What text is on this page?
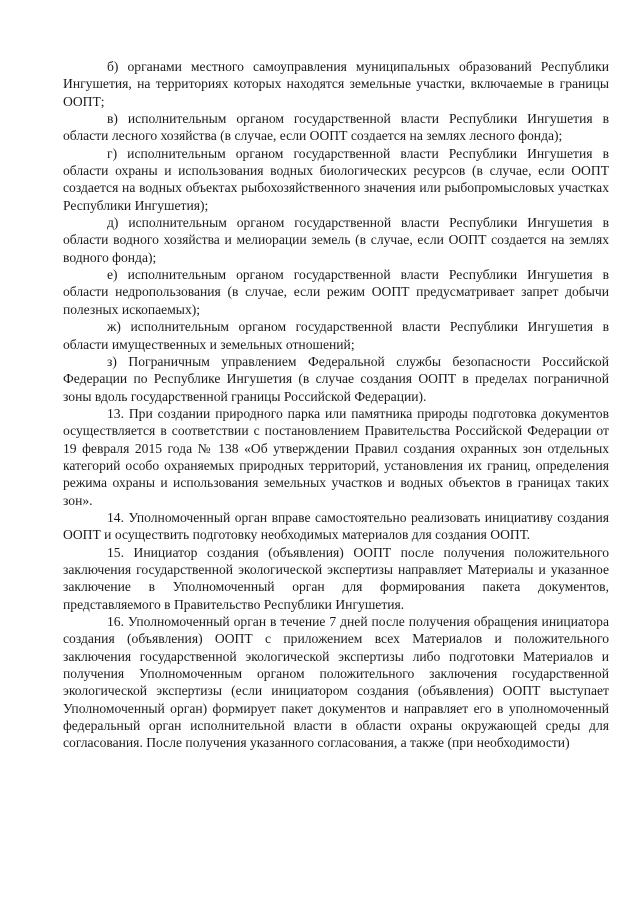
б) органами местного самоуправления муниципальных образований Республики Ингушетия, на территориях которых находятся земельные участки, включаемые в границы ООПТ;

в) исполнительным органом государственной власти Республики Ингушетия в области лесного хозяйства (в случае, если ООПТ создается на землях лесного фонда);

г) исполнительным органом государственной власти Республики Ингушетия в области охраны и использования водных биологических ресурсов (в случае, если ООПТ создается на водных объектах рыбохозяйственного значения или рыбопромысловых участках Республики Ингушетия);

д) исполнительным органом государственной власти Республики Ингушетия в области водного хозяйства и мелиорации земель (в случае, если ООПТ создается на землях водного фонда);

е) исполнительным органом государственной власти Республики Ингушетия в области недропользования (в случае, если режим ООПТ предусматривает запрет добычи полезных ископаемых);

ж) исполнительным органом государственной власти Республики Ингушетия в области имущественных и земельных отношений;

з) Пограничным управлением Федеральной службы безопасности Российской Федерации по Республике Ингушетия (в случае создания ООПТ в пределах пограничной зоны вдоль государственной границы Российской Федерации).

13. При создании природного парка или памятника природы подготовка документов осуществляется в соответствии с постановлением Правительства Российской Федерации от 19 февраля 2015 года № 138 «Об утверждении Правил создания охранных зон отдельных категорий особо охраняемых природных территорий, установления их границ, определения режима охраны и использования земельных участков и водных объектов в границах таких зон».

14. Уполномоченный орган вправе самостоятельно реализовать инициативу создания ООПТ и осуществить подготовку необходимых материалов для создания ООПТ.

15. Инициатор создания (объявления) ООПТ после получения положительного заключения государственной экологической экспертизы направляет Материалы и указанное заключение в Уполномоченный орган для формирования пакета документов, представляемого в Правительство Республики Ингушетия.

16. Уполномоченный орган в течение 7 дней после получения обращения инициатора создания (объявления) ООПТ с приложением всех Материалов и положительного заключения государственной экологической экспертизы либо подготовки Материалов и получения Уполномоченным органом положительного заключения государственной экологической экспертизы (если инициатором создания (объявления) ООПТ выступает Уполномоченный орган) формирует пакет документов и направляет его в уполномоченный федеральный орган исполнительной власти в области охраны окружающей среды для согласования. После получения указанного согласования, а также (при необходимости)
